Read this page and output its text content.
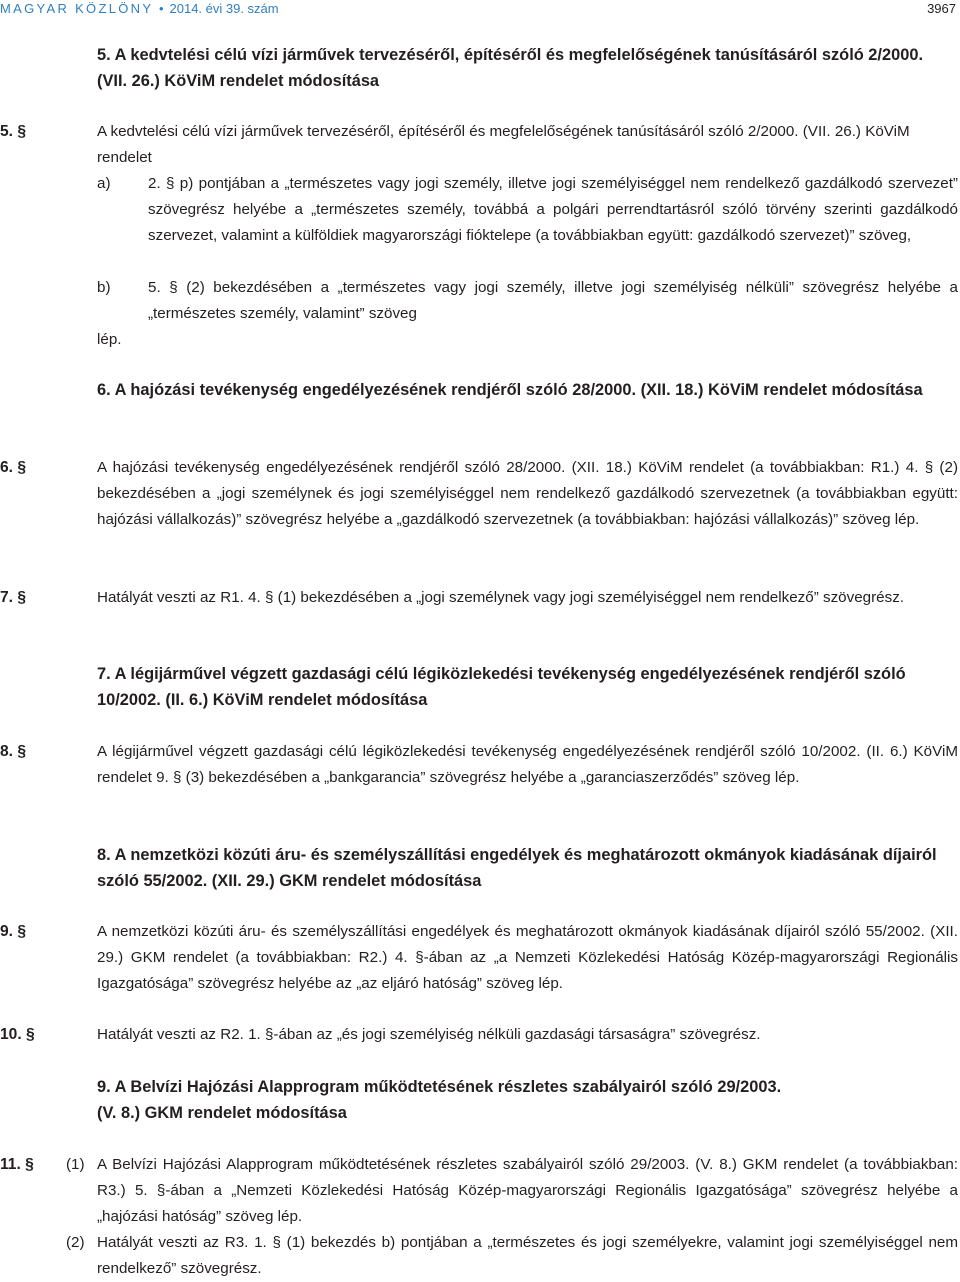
MAGYAR KÖZLÖNY • 2014. évi 39. szám	3967
5. A kedvtelési célú vízi járművek tervezéséről, építéséről és megfelelőségének tanúsításáról szóló 2/2000. (VII. 26.) KöViM rendelet módosítása
5. §	A kedvtelési célú vízi járművek tervezéséről, építéséről és megfelelőségének tanúsításáról szóló 2/2000. (VII. 26.) KöViM rendelet
a) 2. § p) pontjában a „természetes vagy jogi személy, illetve jogi személyiséggel nem rendelkező gazdálkodó szervezet” szövegrész helyébe a „természetes személy, továbbá a polgári perrendtartásról szóló törvény szerinti gazdálkodó szervezet, valamint a külföldiek magyarországi fióktelepe (a továbbiakban együtt: gazdálkodó szervezet)” szöveg,
b) 5. § (2) bekezdésében a „természetes vagy jogi személy, illetve jogi személyiség nélküli” szövegrész helyébe a „természetes személy, valamint” szöveg
lép.
6. A hajózási tevékenység engedélyezésének rendjéről szóló 28/2000. (XII. 18.) KöViM rendelet módosítása
6. §	A hajózási tevékenység engedélyezésének rendjéről szóló 28/2000. (XII. 18.) KöViM rendelet (a továbbiakban: R1.) 4. § (2) bekezdésében a „jogi személynek és jogi személyiséggel nem rendelkező gazdálkodó szervezetnek (a továbbiakban együtt: hajózási vállalkozás)” szövegrész helyébe a „gazdálkodó szervezetnek (a továbbiakban: hajózási vállalkozás)” szöveg lép.
7. §	Hatályát veszti az R1. 4. § (1) bekezdésében a „jogi személynek vagy jogi személyiséggel nem rendelkező” szövegrész.
7. A légijárművel végzett gazdasági célú légiközlekedési tevékenység engedélyezésének rendjéről szóló 10/2002. (II. 6.) KöViM rendelet módosítása
8. §	A légijárművel végzett gazdasági célú légiközlekedési tevékenység engedélyezésének rendjéről szóló 10/2002. (II. 6.) KöViM rendelet 9. § (3) bekezdésében a „bankgarancia” szövegrész helyébe a „garanciaszerződés” szöveg lép.
8. A nemzetközi közúti áru- és személyszállítási engedélyek és meghatározott okmányok kiadásának díjairól szóló 55/2002. (XII. 29.) GKM rendelet módosítása
9. §	A nemzetközi közúti áru- és személyszállítási engedélyek és meghatározott okmányok kiadásának díjairól szóló 55/2002. (XII. 29.) GKM rendelet (a továbbiakban: R2.) 4. §-ában az „a Nemzeti Közlekedési Hatóság Közép-magyarországi Regionális Igazgatósága” szövegrész helyébe az „az eljáró hatóság” szöveg lép.
10. §	Hatályát veszti az R2. 1. §-ában az „és jogi személyiség nélküli gazdasági társaságra” szövegrész.
9. A Belvízi Hajózási Alapprogram működtetésének részletes szabályairól szóló 29/2003. (V. 8.) GKM rendelet módosítása
11. § (1) A Belvízi Hajózási Alapprogram működtetésének részletes szabályairól szóló 29/2003. (V. 8.) GKM rendelet (a továbbiakban: R3.) 5. §-ában a „Nemzeti Közlekedési Hatóság Közép-magyarországi Regionális Igazgatósága” szövegrész helyébe a „hajózási hatóság” szöveg lép.
(2) Hatályát veszti az R3. 1. § (1) bekezdés b) pontjában a „természetes és jogi személyekre, valamint jogi személyiséggel nem rendelkező” szövegrész.
